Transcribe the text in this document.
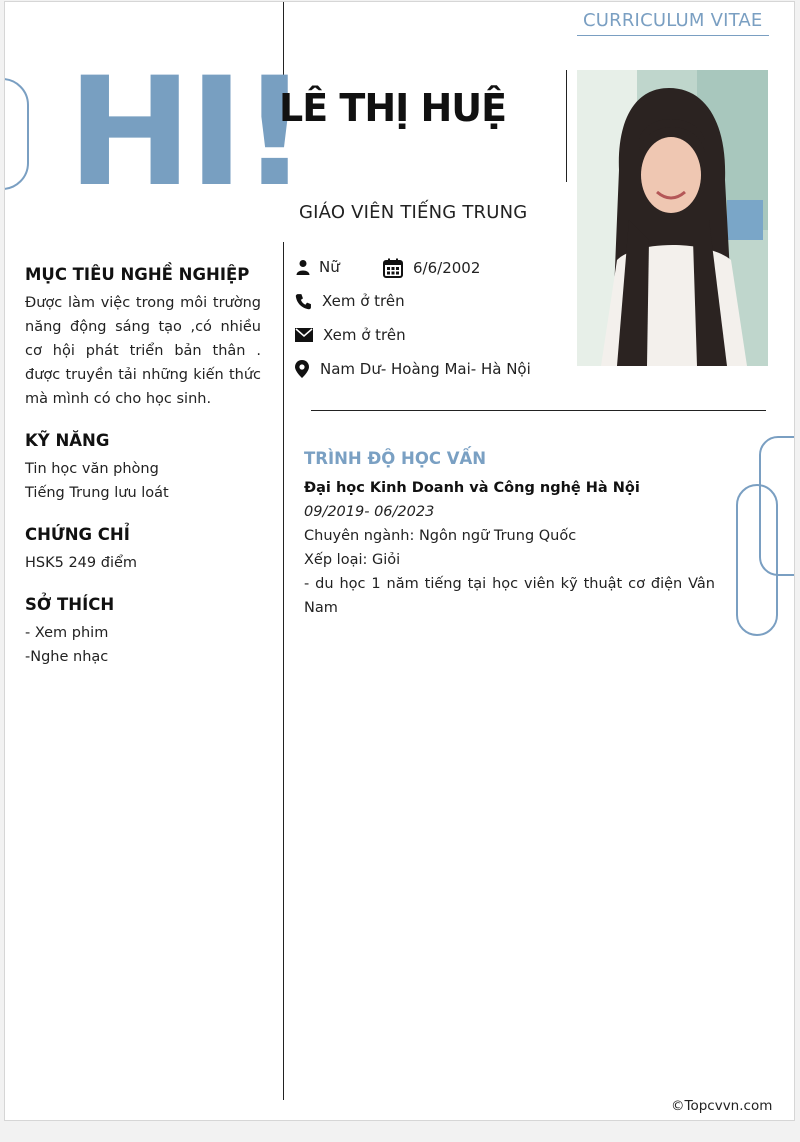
CURRICULUM VITAE
HI!
LÊ THỊ HUỆ
GIÁO VIÊN TIẾNG TRUNG
Nữ	6/6/2002
Xem ở trên
Xem ở trên
Nam Dư- Hoàng Mai- Hà Nội
MỤC TIÊU NGHỀ NGHIỆP
Được làm việc trong môi trường năng động sáng tạo ,có nhiều cơ hội phát triển bản thân . được truyền tải những kiến thức mà mình có cho học sinh.
KỸ NĂNG
Tin học văn phòng
Tiếng Trung lưu loát
CHỨNG CHỈ
HSK5 249 điểm
SỞ THÍCH
- Xem phim
-Nghe nhạc
TRÌNH ĐỘ HỌC VẤN
Đại học Kinh Doanh và Công nghệ Hà Nội
09/2019- 06/2023
Chuyên ngành: Ngôn ngữ Trung Quốc
Xếp loại: Giỏi
- du học 1 năm tiếng tại học viên kỹ thuật cơ điện Vân Nam
©Topcvvn.com
